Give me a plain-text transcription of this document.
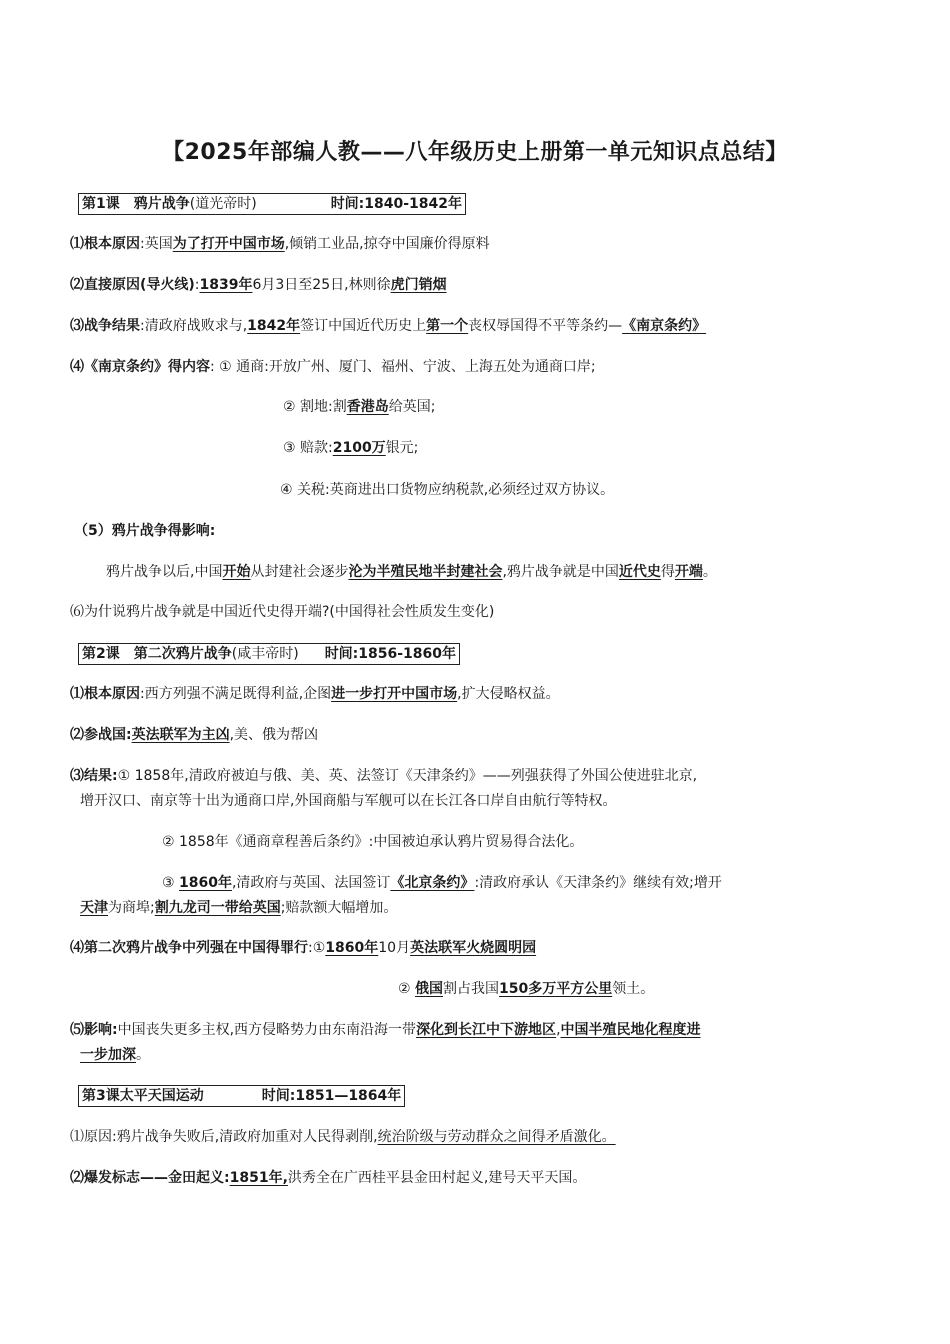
【2025年部编人教——八年级历史上册第一单元知识点总结】
第1课　鸦片战争(道光帝时)	时间:1840-1842年
⑴根本原因:英国为了打开中国市场,倾销工业品,掠夺中国廉价得原料
⑵直接原因(导火线):1839年6月3日至25日,林则徐虎门销烟
⑶战争结果:清政府战败求与,1842年签订中国近代历史上第一个丧权辱国得不平等条约—《南京条约》
⑷《南京条约》得内容: ① 通商:开放广州、厦门、福州、宁波、上海五处为通商口岸;
② 割地:割香港岛给英国;
③ 赔款:2100万银元;
④ 关税:英商进出口货物应纳税款,必须经过双方协议。
（5）鸦片战争得影响:
鸦片战争以后,中国开始从封建社会逐步沦为半殖民地半封建社会,鸦片战争就是中国近代史得开端。
⑹为什说鸦片战争就是中国近代史得开端?(中国得社会性质发生变化)
第2课　第二次鸦片战争(咸丰帝时) 时间:1856-1860年
⑴根本原因:西方列强不满足既得利益,企图进一步打开中国市场,扩大侵略权益。
⑵参战国:英法联军为主凶,美、俄为帮凶
⑶结果:① 1858年,清政府被迫与俄、美、英、法签订《天津条约》——列强获得了外国公使进驻北京,
增开汉口、南京等十出为通商口岸,外国商船与军舰可以在长江各口岸自由航行等特权。
② 1858年《通商章程善后条约》:中国被迫承认鸦片贸易得合法化。
③ 1860年,清政府与英国、法国签订《北京条约》:清政府承认《天津条约》继续有效;增开
天津为商埠;割九龙司一带给英国;赔款额大幅增加。
⑷第二次鸦片战争中列强在中国得罪行:①1860年10月英法联军火烧圆明园
② 俄国割占我国150多万平方公里领土。
⑸影响:中国丧失更多主权,西方侵略势力由东南沿海一带深化到长江中下游地区,中国半殖民地化程度进
一步加深。
第3课太平天国运动	时间:1851—1864年
⑴原因:鸦片战争失败后,清政府加重对人民得剥削,统治阶级与劳动群众之间得矛盾激化。
⑵爆发标志——金田起义:1851年,洪秀全在广西桂平县金田村起义,建号天平天国。
